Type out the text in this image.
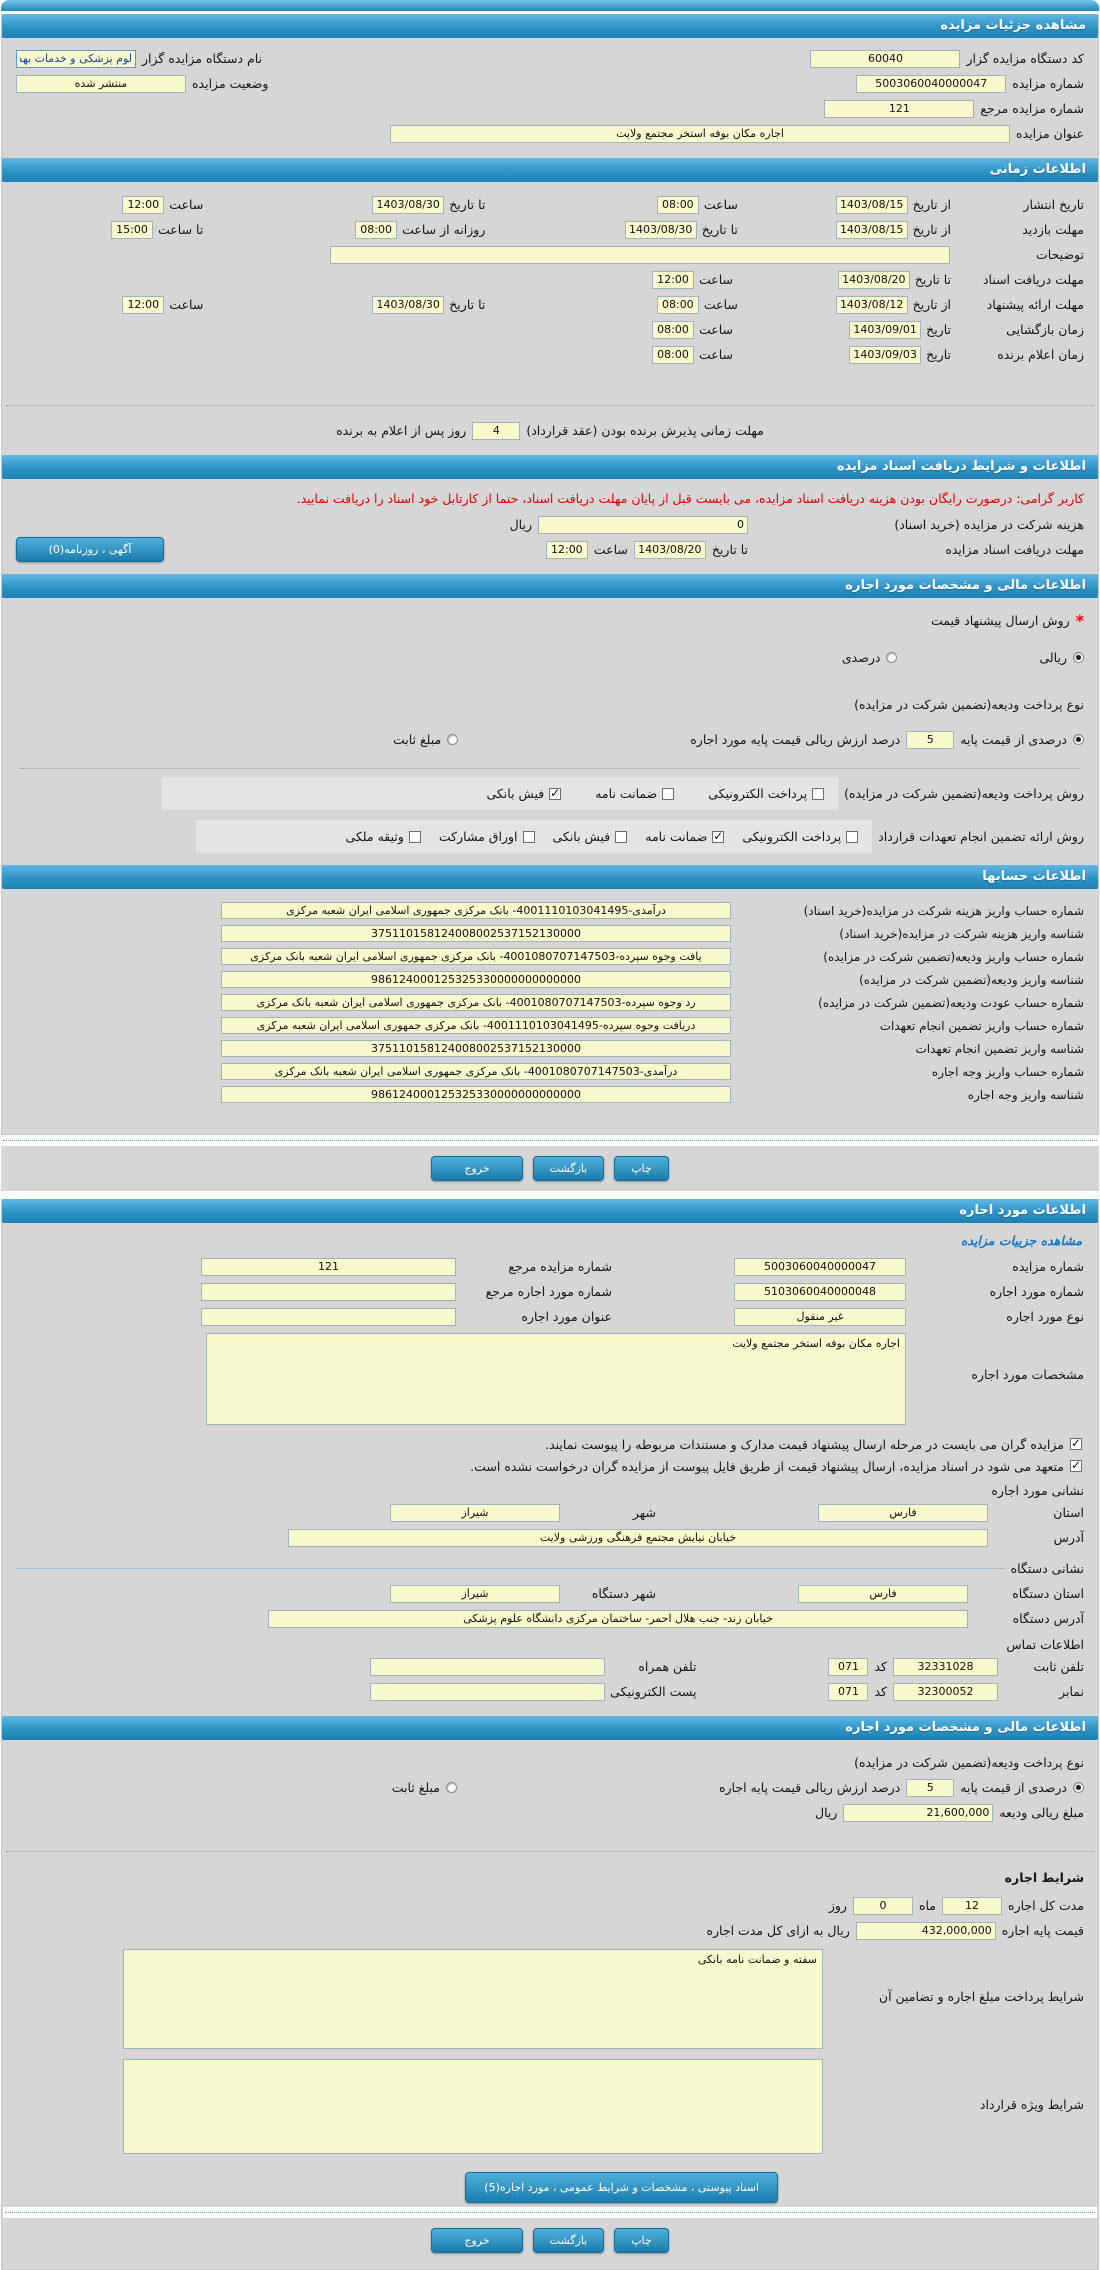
مشاهده جزئیات مزایده
کد دستگاه مزایده گزار
60040
نام دستگاه مزایده گزار
لوم پزشکی و خدمات بهداش
شماره مزایده
5003060040000047
وضعیت مزایده
منتشر شده
شماره مزایده مرجع
121
عنوان مزایده
اجاره مکان بوفه استخر مجتمع ولایت
اطلاعات زمانی
تاریخ انتشار
از تاریخ
1403/08/15
ساعت
08:00
تا تاریخ
1403/08/30
ساعت
12:00
مهلت بازدید
از تاریخ
1403/08/15
تا تاریخ
1403/08/30
روزانه از ساعت
08:00
تا ساعت
15:00
توضیحات
مهلت دریافت اسناد
تا تاریخ
1403/08/20
ساعت
12:00
مهلت ارائه پیشنهاد
از تاریخ
1403/08/12
ساعت
08:00
تا تاریخ
1403/08/30
ساعت
12:00
زمان بازگشایی
تاریخ
1403/09/01
ساعت
08:00
زمان اعلام برنده
تاریخ
1403/09/03
ساعت
08:00
مهلت زمانی پذیرش برنده بودن (عقد قرارداد)
4
روز پس از اعلام به برنده
اطلاعات و شرایط دریافت اسناد مزایده
کاربر گرامی: درصورت رایگان بودن هزینه دریافت اسناد مزایده، می بایست قبل از پایان مهلت دریافت اسناد، حتما از کارتابل خود اسناد را دریافت نمایید.
هزینه شرکت در مزایده (خرید اسناد)
0
ریال
مهلت دریافت اسناد مزایده
تا تاریخ
1403/08/20
ساعت
12:00
آگهی ، روزنامه(0)
اطلاعات مالی و مشخصات مورد اجاره
*
روش ارسال پیشنهاد قیمت
ریالی
درصدی
نوع پرداخت ودیعه(تضمین شرکت در مزایده)
درصدی از قیمت پایه
5
درصد ارزش ریالی قیمت پایه مورد اجاره
مبلغ ثابت
روش پرداخت ودیعه(تضمین شرکت در مزایده)
پرداخت الکترونیکی
ضمانت نامه
✓
فیش بانکی
روش ارائه تضمین انجام تعهدات قرارداد
پرداخت الکترونیکی
✓
ضمانت نامه
فیش بانکی
اوراق مشارکت
وثیقه ملکی
اطلاعات حسابها
شماره حساب واریز هزینه شرکت در مزایده(خرید اسناد)
درآمدی-4001110103041495- بانک مرکزی جمهوری اسلامی ایران شعبه مرکزی
شناسه واریز هزینه شرکت در مزایده(خرید اسناد)
375110158124008002537152130000
شماره حساب واریز ودیعه(تضمین شرکت در مزایده)
یافت وجوه سپرده-4001080707147503- بانک مرکزی جمهوری اسلامی ایران شعبه بانک مرکزی
شناسه واریز ودیعه(تضمین شرکت در مزایده)
986124000125325330000000000000
شماره حساب عودت ودیعه(تضمین شرکت در مزایده)
رد وجوه سپرده-4001080707147503- بانک مرکزی جمهوری اسلامی ایران شعبه بانک مرکزی
شماره حساب واریز تضمین انجام تعهدات
دریافت وجوه سپرده-4001110103041495- بانک مرکزی جمهوری اسلامی ایران شعبه مرکزی
شناسه واریز تضمین انجام تعهدات
375110158124008002537152130000
شماره حساب واریز وجه اجاره
درآمدی-4001080707147503- بانک مرکزی جمهوری اسلامی ایران شعبه بانک مرکزی
شناسه واریز وجه اجاره
986124000125325330000000000000
چاپ
بازگشت
خروج
اطلاعات مورد اجاره
مشاهده جزییات مزایده
شماره مزایده
5003060040000047
شماره مزایده مرجع
121
شماره مورد اجاره
5103060040000048
شماره مورد اجاره مرجع
نوع مورد اجاره
غیر منقول
عنوان مورد اجاره
مشخصات مورد اجاره
اجاره مکان بوفه استخر مجتمع ولایت
✓
مزایده گران می بایست در مرحله ارسال پیشنهاد قیمت مدارک و مستندات مربوطه را پیوست نمایند.
✓
متعهد می شود در اسناد مزایده، ارسال پیشنهاد قیمت از طریق فایل پیوست از مزایده گران درخواست نشده است.
نشانی مورد اجاره
استان
فارس
شهر
شیراز
آدرس
خیابان نیایش مجتمع فرهنگی ورزشی ولایت
نشانی دستگاه
استان دستگاه
فارس
شهر دستگاه
شیراز
آدرس دستگاه
خیابان زند- جنب هلال احمر- ساختمان مرکزی دانشگاه علوم پزشکی
اطلاعات تماس
تلفن ثابت
32331028
کد
071
تلفن همراه
نمابر
32300052
کد
071
پست الکترونیکی
اطلاعات مالی و مشخصات مورد اجاره
نوع پرداخت ودیعه(تضمین شرکت در مزایده)
درصدی از قیمت پایه
5
درصد ارزش ریالی قیمت پایه اجاره
مبلغ ثابت
مبلغ ریالی ودیعه
21,600,000
ریال
شرایط اجاره
مدت کل اجاره
12
ماه
0
روز
قیمت پایه اجاره
432,000,000
ریال به ازای کل مدت اجاره
شرایط پرداخت مبلغ اجاره و تضامین آن
سفته و ضمانت نامه بانکی
شرایط ویژه قرارداد
اسناد پیوستی ، مشخصات و شرایط عمومی ، مورد اجاره(5)
چاپ
بازگشت
خروج
